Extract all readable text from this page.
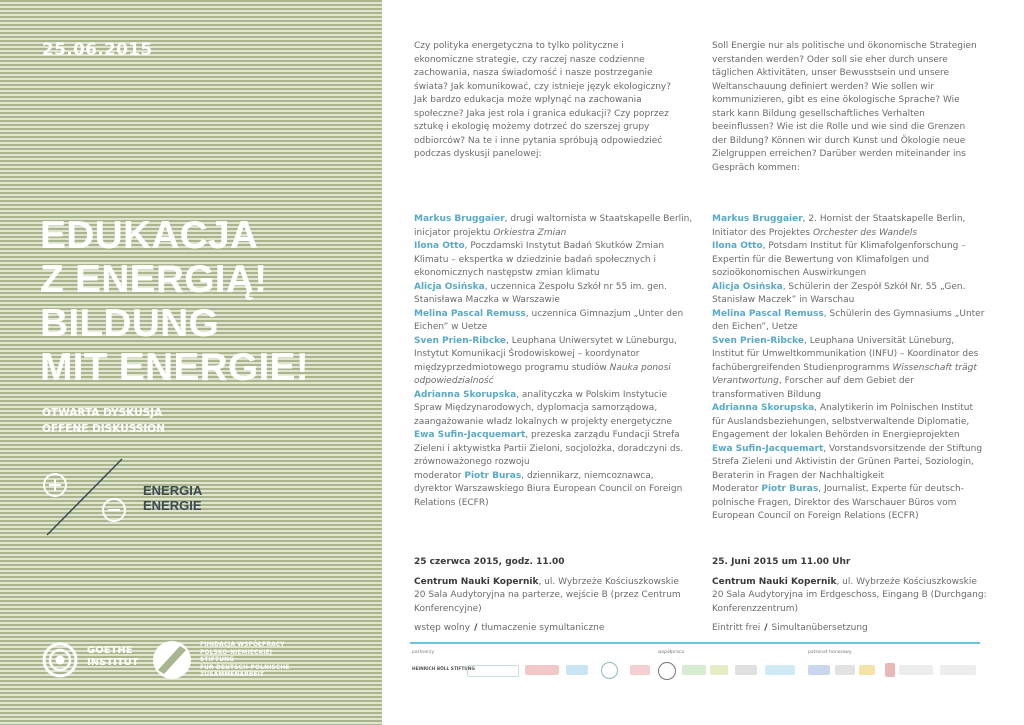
25.06.2015
EDUKACJA
Z ENERGIĄ!
BILDUNG
MIT ENERGIE!
OTWARTA DYSKUSJA
OFFENE DISKUSSION
ENERGIA
ENERGIE
GOETHE
INSTITUT
FUNDACJA WSPÓŁPRACY
POLSKO-NIEMIECKIEJ
STIFTUNG
FÜR DEUTSCH-POLNISCHE
ZUSAMMENARBEIT

Czy polityka energetyczna to tylko polityczne i ekonomiczne strategie, czy raczej nasze codzienne zachowania, nasza świadomość i nasze postrzeganie świata? Jak komunikować, czy istnieje język ekologiczny? Jak bardzo edukacja może wpłynąć na zachowania społeczne? Jaka jest rola i granica edukacji? Czy poprzez sztukę i ekologię możemy dotrzeć do szerszej grupy odbiorców? Na te i inne pytania spróbują odpowiedzieć podczas dyskusji panelowej:

Soll Energie nur als politische und ökonomische Strategien verstanden werden? Oder soll sie eher durch unsere täglichen Aktivitäten, unser Bewusstsein und unsere Weltanschauung definiert werden? Wie sollen wir kommunizieren, gibt es eine ökologische Sprache? Wie stark kann Bildung gesellschaftliches Verhalten beeinflussen? Wie ist die Rolle und wie sind die Grenzen der Bildung? Können wir durch Kunst und Ökologie neue Zielgruppen erreichen? Darüber werden miteinander ins Gespräch kommen:

Markus Bruggaier, drugi waltornista w Staatskapelle Berlin, inicjator projektu Orkiestra Zmian

Ilona Otto, Poczdamski Instytut Badań Skutków Zmian Klimatu – ekspertka w dziedzinie badań społecznych i ekonomicznych następstw zmian klimatu

Alicja Osińska, uczennica Zespołu Szkół nr 55 im. gen. Stanisława Maczka w Warszawie

Melina Pascal Remuss, uczennica Gimnazjum „Unter den Eichen” w Uetze

Sven Prien-Ribcke, Leuphana Uniwersytet w Lüneburgu, Instytut Komunikacji Środowiskowej – koordynator międzyprzedmiotowego programu studiów Nauka ponosi odpowiedzialność

Adrianna Skorupska, analityczka w Polskim Instytucie Spraw Międzynarodowych, dyplomacja samorządowa, zaangażowanie władz lokalnych w projekty energetyczne

Ewa Sufin-Jacquemart, prezeska zarządu Fundacji Strefa Zieleni i aktywistka Partii Zieloni, socjolożka, doradczyni ds. zrównoważonego rozwoju

moderator Piotr Buras, dziennikarz, niemcoznawca, dyrektor Warszawskiego Biura European Council on Foreign Relations (ECFR)

Markus Bruggaier, 2. Hornist der Staatskapelle Berlin, Initiator des Projektes Orchester des Wandels

Ilona Otto, Potsdam Institut für Klimafolgenforschung – Expertin für die Bewertung von Klimafolgen und sozioökonomischen Auswirkungen

Alicja Osińska, Schülerin der Zespół Szkół Nr. 55 „Gen. Stanisław Maczek” in Warschau

Melina Pascal Remuss, Schülerin des Gymnasiums „Unter den Eichen”, Uetze

Sven Prien-Ribcke, Leuphana Universität Lüneburg, Institut für Umweltkommunikation (INFU) – Koordinator des fachübergreifenden Studienprogramms Wissenschaft trägt Verantwortung, Forscher auf dem Gebiet der transformativen Bildung

Adrianna Skorupska, Analytikerin im Polnischen Institut für Auslandsbeziehungen, selbstverwaltende Diplomatie, Engagement der lokalen Behörden in Energieprojekten

Ewa Sufin-Jacquemart, Vorstandsvorsitzende der Stiftung Strefa Zieleni und Aktivistin der Grünen Partei, Soziologin, Beraterin in Fragen der Nachhaltigkeit

Moderator Piotr Buras, Journalist, Experte für deutsch-polnische Fragen, Direktor des Warschauer Büros vom European Council on Foreign Relations (ECFR)

25 czerwca 2015, godz. 11.00

Centrum Nauki Kopernik, ul. Wybrzeże Kościuszkowskie 20 Sala Audytoryjna na parterze, wejście B (przez Centrum Konferencyjne)

wstęp wolny / tłumaczenie symultaniczne

25. Juni 2015 um 11.00 Uhr

Centrum Nauki Kopernik, ul. Wybrzeże Kościuszkowskie 20 Sala Audytoryjna im Erdgeschoss, Eingang B (Durchgang: Konferenzzentrum)

Eintritt frei / Simultanübersetzung

partnerzy	współpraca	patronat honorowy
HEINRICH BÖLL STIFTUNG
